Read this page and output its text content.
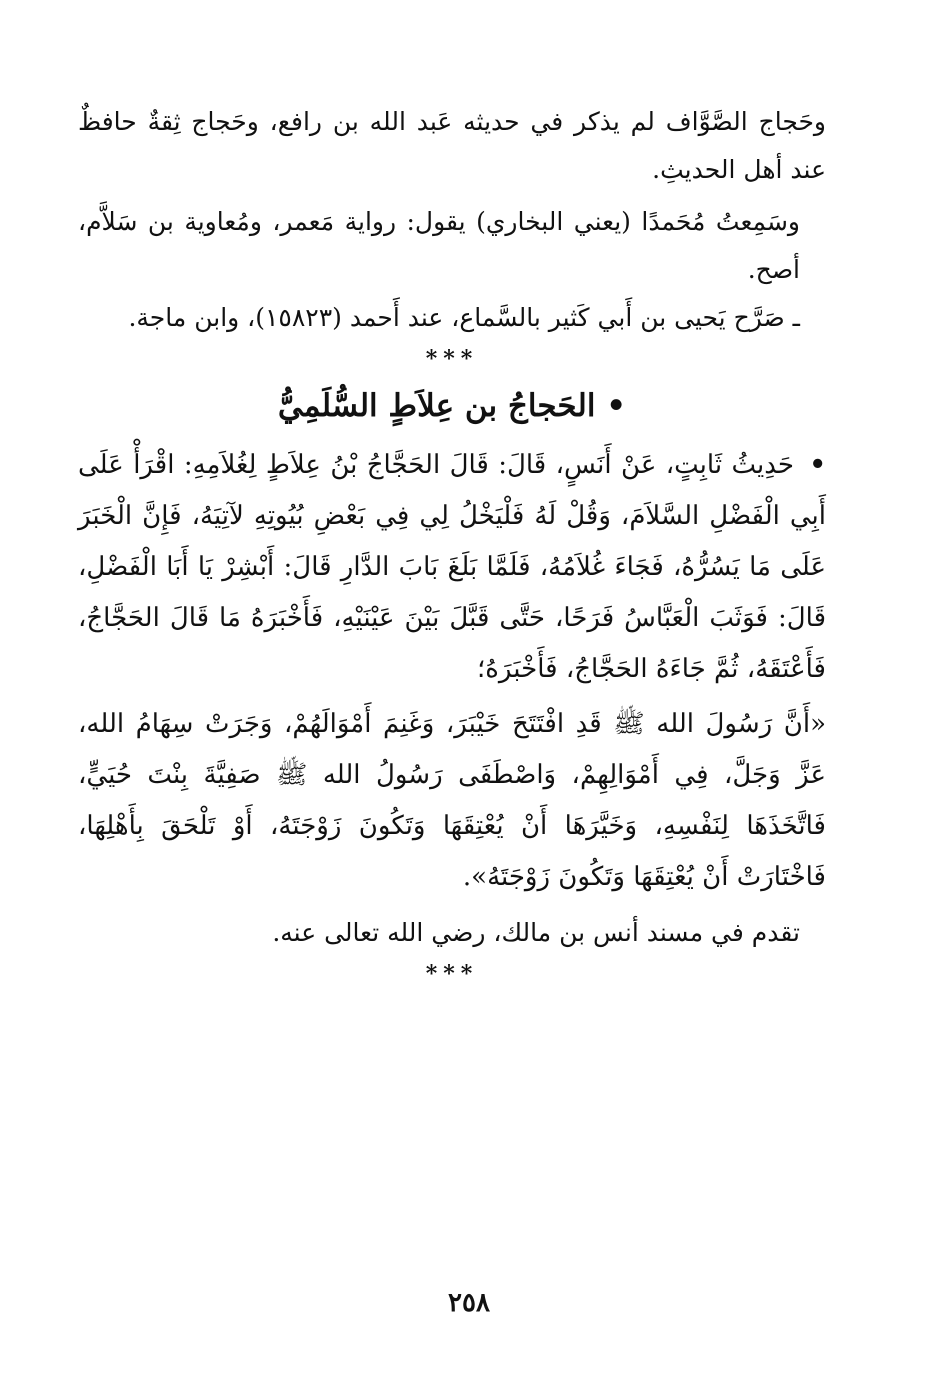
وحَجاج الصَّوَّاف لم يذكر في حديثه عَبد الله بن رافع، وحَجاج ثِقةٌ حافظٌ عند أهل الحديثِ.

وسَمِعتُ مُحَمدًا (يعني البخاري) يقول: رواية مَعمر، ومُعاوية بن سَلاَّم، أصح.

ـ صَرَّح يَحيى بن أَبي كَثير بالسَّماع، عند أَحمد (١٥٨٢٣)، وابن ماجة.

***
• الحَجاجُ بن عِلاَطٍ السُّلَمِيُّ

• حَدِيثُ ثَابِتٍ، عَنْ أَنَسٍ، قَالَ: قَالَ الحَجَّاجُ بْنُ عِلاَطٍ لِغُلاَمِهِ: اقْرَأْ عَلَى أَبِي الْفَضْلِ السَّلاَمَ، وَقُلْ لَهُ فَلْيَخْلُ لِي فِي بَعْضِ بُيُوتِهِ لآتِيَهُ، فَإِنَّ الْخَبَرَ عَلَى مَا يَسُرُّهُ، فَجَاءَ غُلاَمُهُ، فَلَمَّا بَلَغَ بَابَ الدَّارِ قَالَ: أَبْشِرْ يَا أَبَا الْفَضْلِ، قَالَ: فَوَثَبَ الْعَبَّاسُ فَرَحًا، حَتَّى قَبَّلَ بَيْنَ عَيْنَيْهِ، فَأَخْبَرَهُ مَا قَالَ الحَجَّاجُ، فَأَعْتَقَهُ، ثُمَّ جَاءَهُ الحَجَّاجُ، فَأَخْبَرَهُ؛

«أَنَّ رَسُولَ الله ﷺ قَدِ افْتَتَحَ خَيْبَرَ، وَغَنِمَ أَمْوَالَهُمْ، وَجَرَتْ سِهَامُ الله، عَزَّ وَجَلَّ، فِي أَمْوَالِهِمْ، وَاصْطَفَى رَسُولُ الله ﷺ صَفِيَّةَ بِنْتَ حُيَيٍّ، فَاتَّخَذَهَا لِنَفْسِهِ، وَخَيَّرَهَا أَنْ يُعْتِقَهَا وَتَكُونَ زَوْجَتَهُ، أَوْ تَلْحَقَ بِأَهْلِهَا، فَاخْتَارَتْ أَنْ يُعْتِقَهَا وَتَكُونَ زَوْجَتَهُ».

تقدم في مسند أنس بن مالك، رضي الله تعالى عنه.

***
٢٥٨
